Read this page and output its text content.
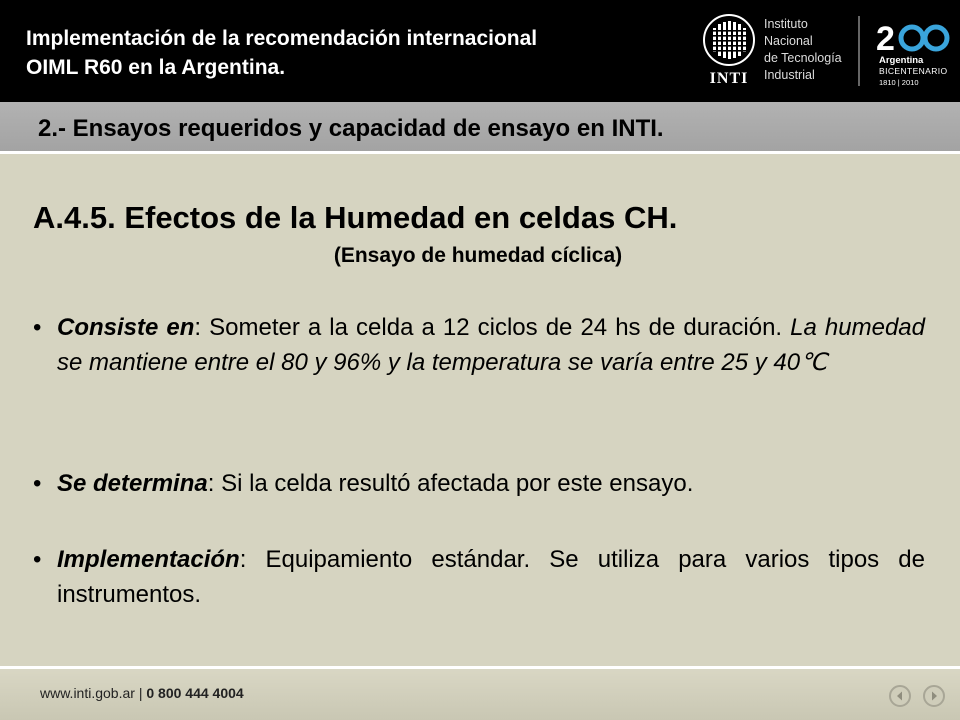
Implementación de la recomendación internacional
OIML R60 en la Argentina.	INTI
Instituto
Nacional
de Tecnología
Industrial
2
Argentina
BICENTENARIO
1810 | 2010
2.- Ensayos requeridos y capacidad de ensayo en INTI.
A.4.5. Efectos de la Humedad en celdas CH.
(Ensayo de humedad cíclica)
• Consiste en: Someter a la celda a 12 ciclos de 24 hs de duración. La humedad se mantiene entre el 80 y 96% y la temperatura se varía entre 25 y 40℃
• Se determina: Si la celda resultó afectada por este ensayo.
• Implementación: Equipamiento estándar. Se utiliza para varios tipos de instrumentos.
www.inti.gob.ar | 0 800 444 4004
